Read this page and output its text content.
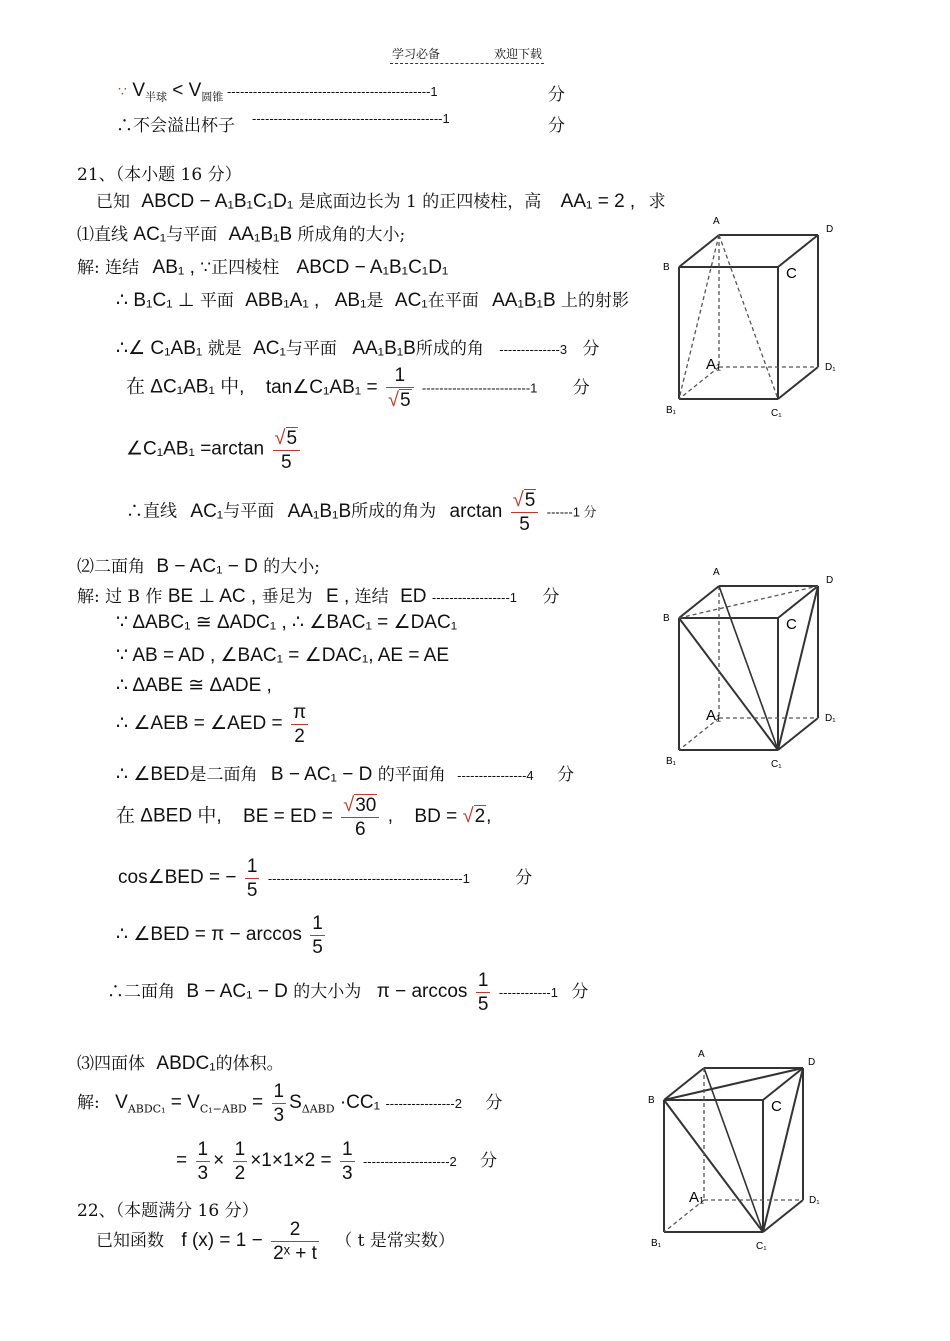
学习必备	欢迎下载
∵ $V_{半球} < V_{圆锥}$ -----------------------------------------------1	分
∴不会溢出杯子 --------------------------------------------1	分
21、（本小题 16 分）
已知 ABCD − A₁B₁C₁D₁ 是底面边长为 1 的正四棱柱，高 AA₁ = 2 , 求
⑴直线 AC₁与平面 AA₁B₁B 所成角的大小;
解: 连结 AB₁ , ∵正四棱柱 ABCD − A₁B₁C₁D₁
∴ B₁C₁ ⊥ 平面 ABB₁A₁ , AB₁是 AC₁在平面 AA₁B₁B 上的射影
∴∠ C₁AB₁ 就是 AC₁与平面 AA₁B₁B所成的角 --------------3 分
在 ΔC₁AB₁ 中, tan∠C₁AB₁ = $\frac{1}{√5} -------------------------1$ 分
∠C₁AB₁ $=\arctan \frac{√5}{5}$
∴直线 AC₁与平面 AA₁B₁B所成的角为 $\arctan \frac{√5}{5} ------1$ 分
⑵二面角 B − AC₁ − D 的大小;
解: 过 B 作 BE ⊥ AC , 垂足为 E , 连结 ED ------------------1 分
∵ ΔABC₁ ≅ ΔADC₁ , ∴ ∠BAC₁ = ∠DAC₁
∵ AB = AD , ∠BAC₁ = ∠DAC₁, AE = AE
∴ ΔABE ≅ ΔADE ,
∴ ∠AEB = ∠AED = $\frac{\pi}{2}$
∴ ∠BED是二面角 B − AC₁ − D 的平面角 ----------------4 分
在 ΔBED 中, BE = ED = $\frac{√30}{6}$ , BD = √2,
cos∠BED = − $\frac{1}{5} ---------------------------------------------1$	分
∴ ∠BED = $\pi - \arccos \frac{1}{5}$
∴二面角 B − AC₁ − D 的大小为 $\pi - \arccos \frac{1}{5} ------------1$ 分
⑶四面体 ABDC₁的体积。
解: $V_{ABDC_1} = V_{C_1-ABD} = \frac{1}{3} S_{\Delta ABD} \cdot CC_1$ ----------------2 分
= $\frac{1}{3} \times \frac{1}{2} \times 1\times 1\times 2 = \frac{1}{3} --------------------2$ 分
22、（本题满分 16 分）
已知函数 f $(x) = 1 - \frac{2}{\text{2ˣ + t}}$ （ t 是常实数）
A
D
B	C
A₁	D₁
B₁	C₁
A
D
B	C
A₁	D₁
B₁	C₁
A
D
B	C
A₁	D₁
B₁	C₁
